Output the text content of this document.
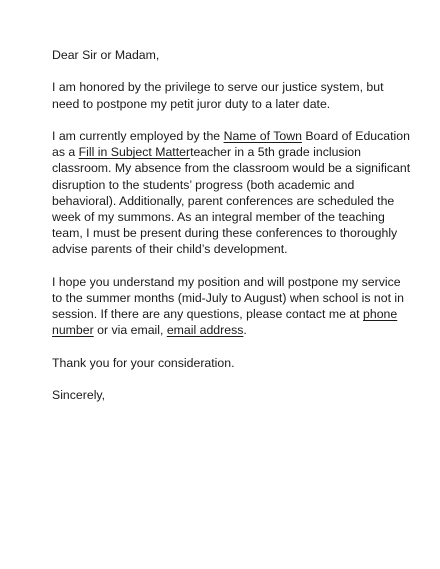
Dear Sir or Madam,

I am honored by the privilege to serve our justice system, but
need to postpone my petit juror duty to a later date.

I am currently employed by the Name of Town Board of Education
as a Fill in Subject Matterteacher in a 5th grade inclusion
classroom. My absence from the classroom would be a significant
disruption to the students’ progress (both academic and
behavioral). Additionally, parent conferences are scheduled the
week of my summons. As an integral member of the teaching
team, I must be present during these conferences to thoroughly
advise parents of their child’s development.

I hope you understand my position and will postpone my service
to the summer months (mid-July to August) when school is not in
session. If there are any questions, please contact me at phone
number or via email, email address.

Thank you for your consideration.

Sincerely,
